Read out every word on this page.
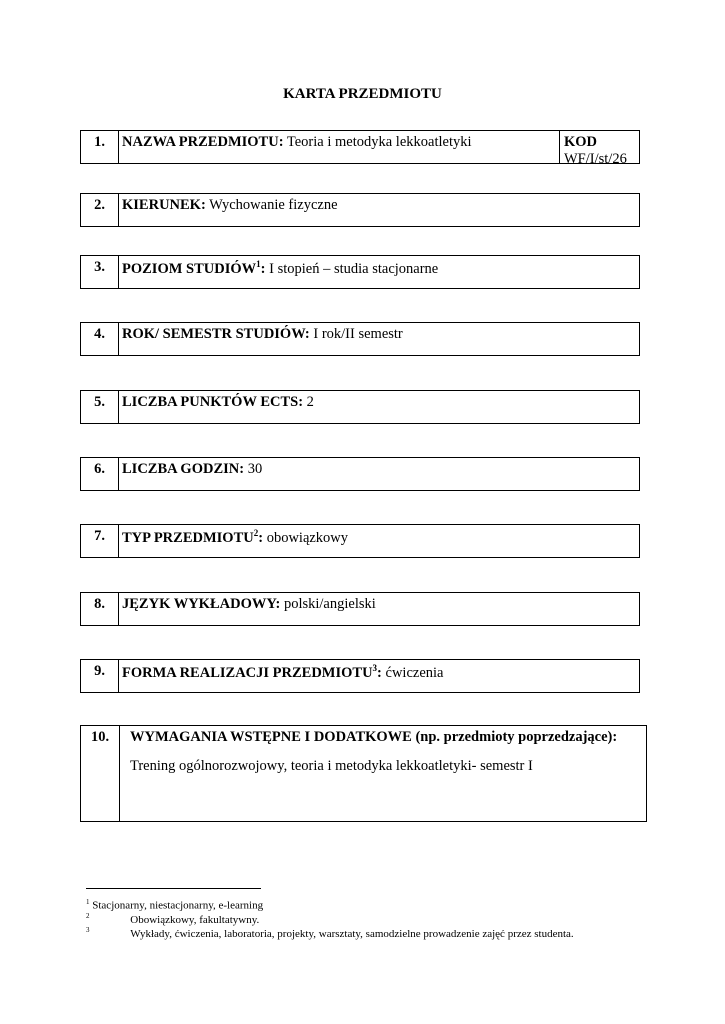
KARTA PRZEDMIOTU
1.	NAZWA PRZEDMIOTU: Teoria i metodyka lekkoatletyki	KOD
WF/I/st/26
2.	KIERUNEK: Wychowanie fizyczne
3.	POZIOM STUDIÓW$^1$: I stopień – studia stacjonarne
4.	ROK/ SEMESTR STUDIÓW: I rok/II semestr
5.	LICZBA PUNKTÓW ECTS: 2
6.	LICZBA GODZIN: 30
7.	TYP PRZEDMIOTU$^2$: obowiązkowy
8.	JĘZYK WYKŁADOWY: polski/angielski
9.	FORMA REALIZACJI PRZEDMIOTU$^3$: ćwiczenia
10.	WYMAGANIA WSTĘPNE I DODATKOWE (np. przedmioty poprzedzające):
Trening ogólnorozwojowy, teoria i metodyka lekkoatletyki- semestr I
$^1$ Stacjonarny, niestacjonarny, e-learning
$^2$	Obowiązkowy, fakultatywny.
$^3$	Wykłady, ćwiczenia, laboratoria, projekty, warsztaty, samodzielne prowadzenie zajęć przez studenta.
